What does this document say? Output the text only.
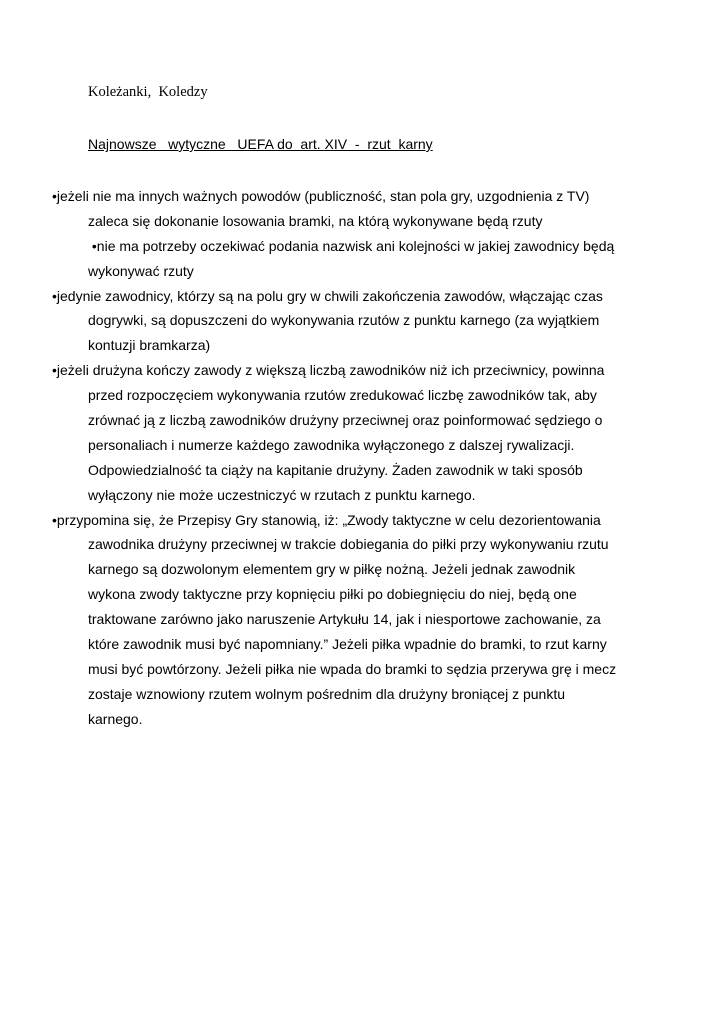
Koleżanki,  Koledzy

Najnowsze   wytyczne   UEFA do  art. XIV  -  rzut  karny

•jeżeli nie ma innych ważnych powodów (publiczność, stan pola gry, uzgodnienia z TV)

zaleca się dokonanie losowania bramki, na którą wykonywane będą rzuty

•nie ma potrzeby oczekiwać podania nazwisk ani kolejności w jakiej zawodnicy będą

wykonywać rzuty

•jedynie zawodnicy, którzy są na polu gry w chwili zakończenia zawodów, włączając czas

dogrywki, są dopuszczeni do wykonywania rzutów z punktu karnego (za wyjątkiem

kontuzji bramkarza)

•jeżeli drużyna kończy zawody z większą liczbą zawodników niż ich przeciwnicy, powinna

przed rozpoczęciem wykonywania rzutów zredukować liczbę zawodników tak, aby

zrównać ją z liczbą zawodników drużyny przeciwnej oraz poinformować sędziego o

personaliach i numerze każdego zawodnika wyłączonego z dalszej rywalizacji.

Odpowiedzialność ta ciąży na kapitanie drużyny. Żaden zawodnik w taki sposób

wyłączony nie może uczestniczyć w rzutach z punktu karnego.

•przypomina się, że Przepisy Gry stanowią, iż: „Zwody taktyczne w celu dezorientowania

zawodnika drużyny przeciwnej w trakcie dobiegania do piłki przy wykonywaniu rzutu

karnego są dozwolonym elementem gry w piłkę nożną. Jeżeli jednak zawodnik

wykona zwody taktyczne przy kopnięciu piłki po dobiegnięciu do niej, będą one

traktowane zarówno jako naruszenie Artykułu 14, jak i niesportowe zachowanie, za

które zawodnik musi być napomniany.” Jeżeli piłka wpadnie do bramki, to rzut karny

musi być powtórzony. Jeżeli piłka nie wpada do bramki to sędzia przerywa grę i mecz

zostaje wznowiony rzutem wolnym pośrednim dla drużyny broniącej z punktu

karnego.
